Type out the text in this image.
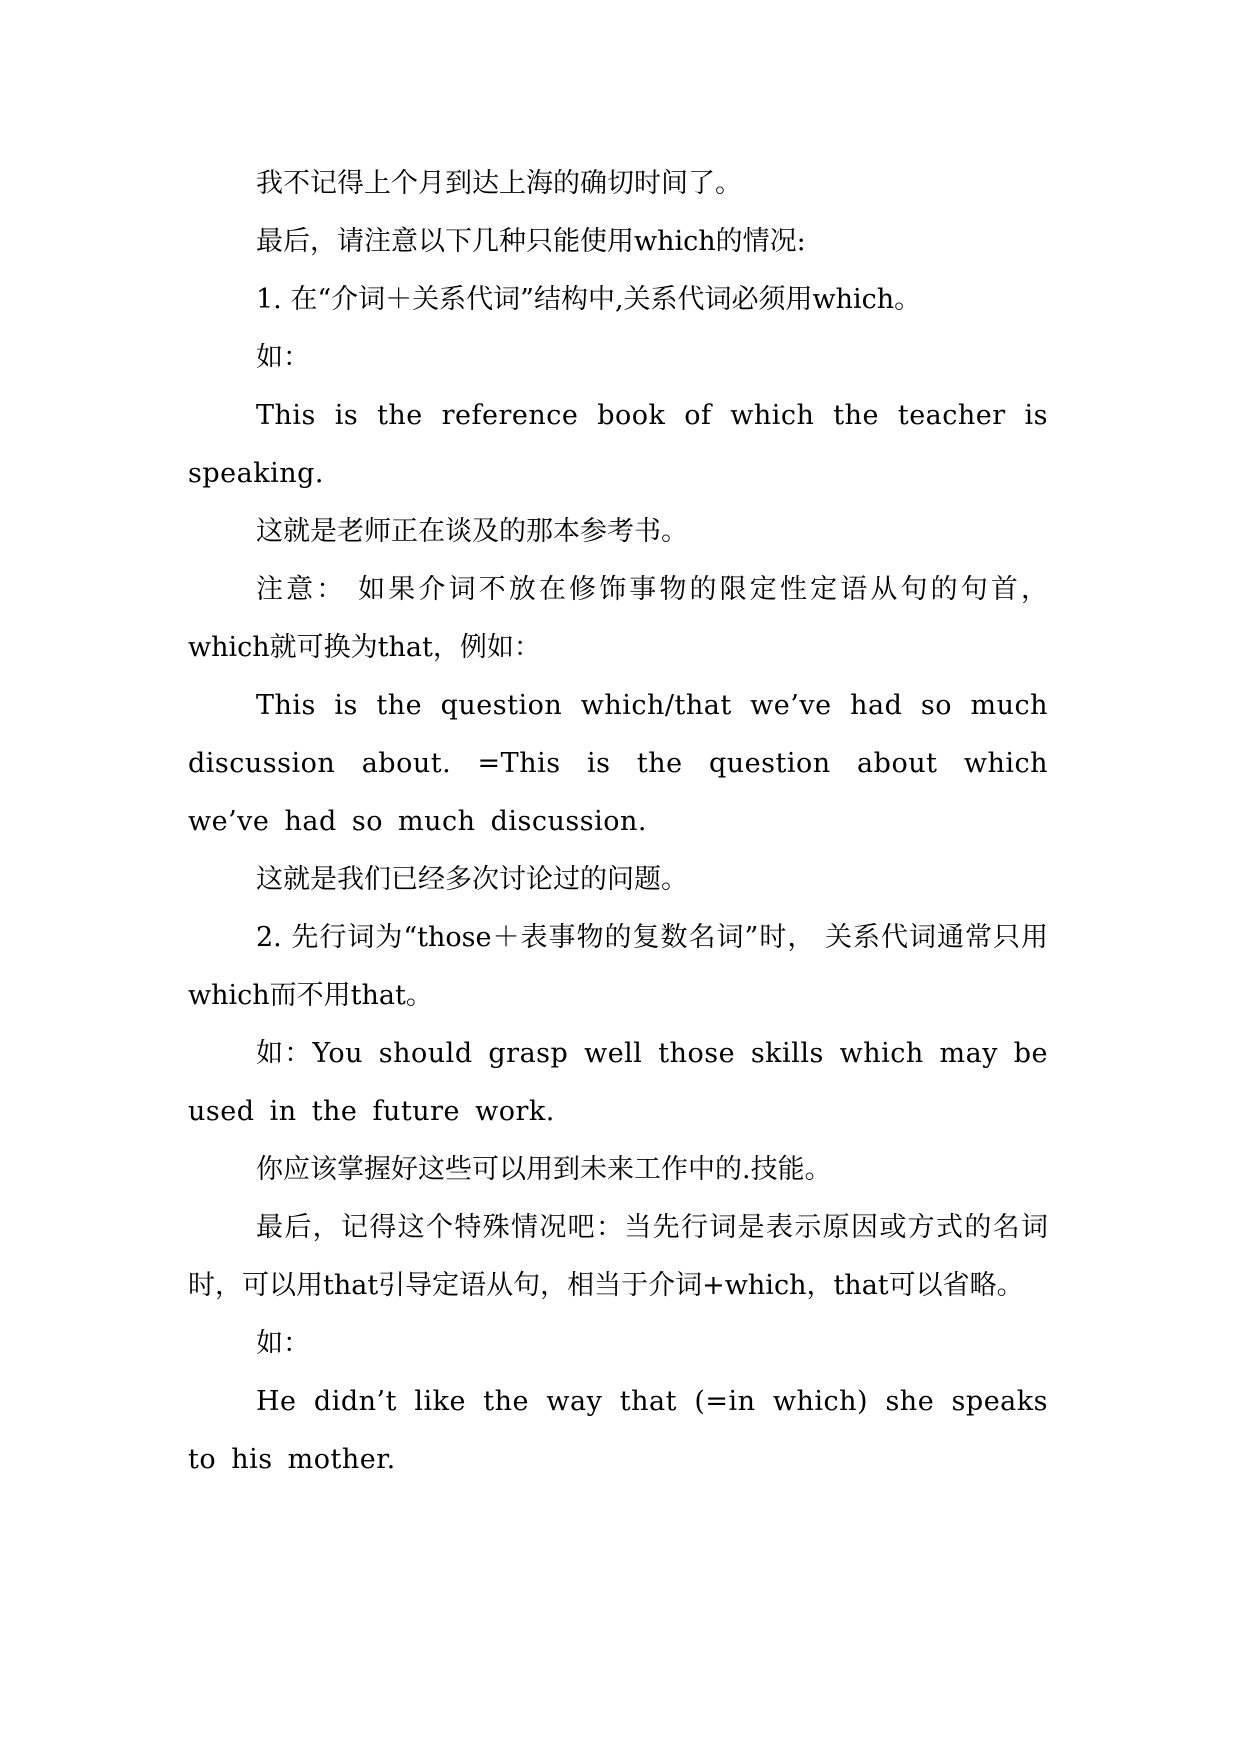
我不记得上个月到达上海的确切时间了。

最后，请注意以下几种只能使用which的情况:

1. 在“介词＋关系代词”结构中,关系代词必须用which。

如：

This is the reference book of which the teacher is speaking.

这就是老师正在谈及的那本参考书。

注意： 如果介词不放在修饰事物的限定性定语从句的句首， which就可换为that，例如：

This is the question which/that we’ve had so much discussion about. =This is the question about which we’ve had so much discussion.

这就是我们已经多次讨论过的问题。

2. 先行词为“those＋表事物的复数名词”时， 关系代词通常只用which而不用that。

如：You should grasp well those skills which may be used in the future work.

你应该掌握好这些可以用到未来工作中的.技能。

最后，记得这个特殊情况吧：当先行词是表示原因或方式的名词时，可以用that引导定语从句，相当于介词+which，that可以省略。

如：

He didn’t like the way that (=in which) she speaks to his mother.
